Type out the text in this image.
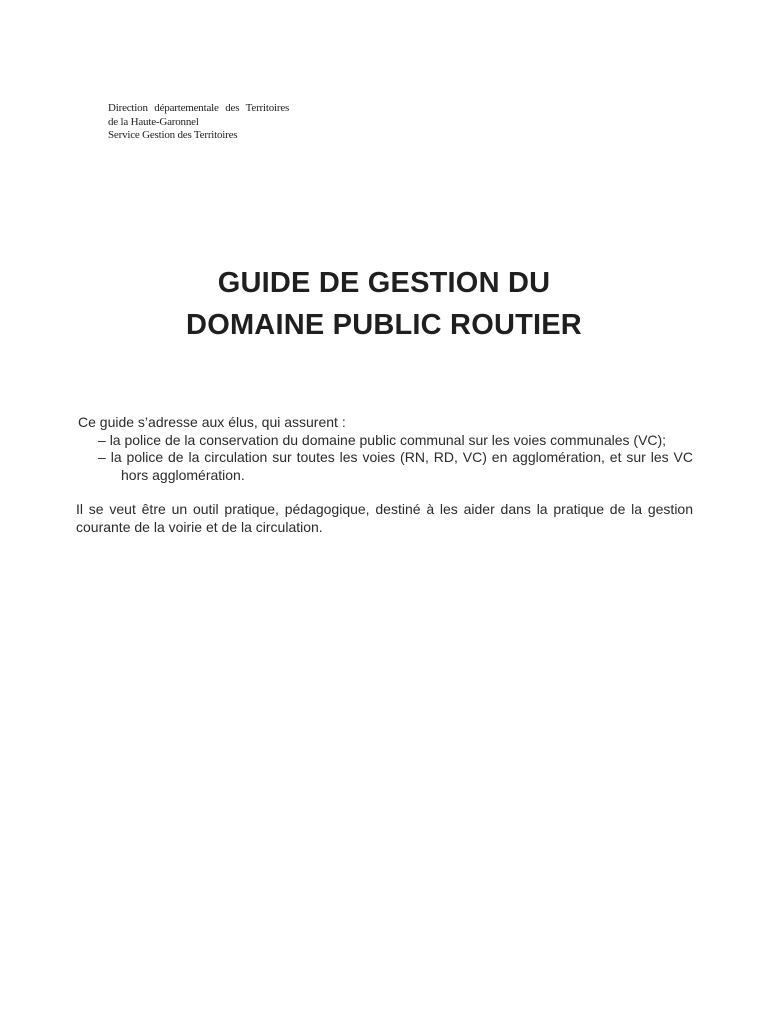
Direction départementale des Territoires
de la Haute-Garonnel
Service Gestion des Territoires
GUIDE DE GESTION DU
DOMAINE PUBLIC ROUTIER
Ce guide s’adresse aux élus, qui assurent :
– la police de la conservation du domaine public communal sur les voies communales (VC);
– la police de la circulation sur toutes les voies (RN, RD, VC) en agglomération, et sur les VC hors agglomération.
Il se veut être un outil pratique, pédagogique, destiné à les aider dans la pratique de la gestion courante de la voirie et de la circulation.
